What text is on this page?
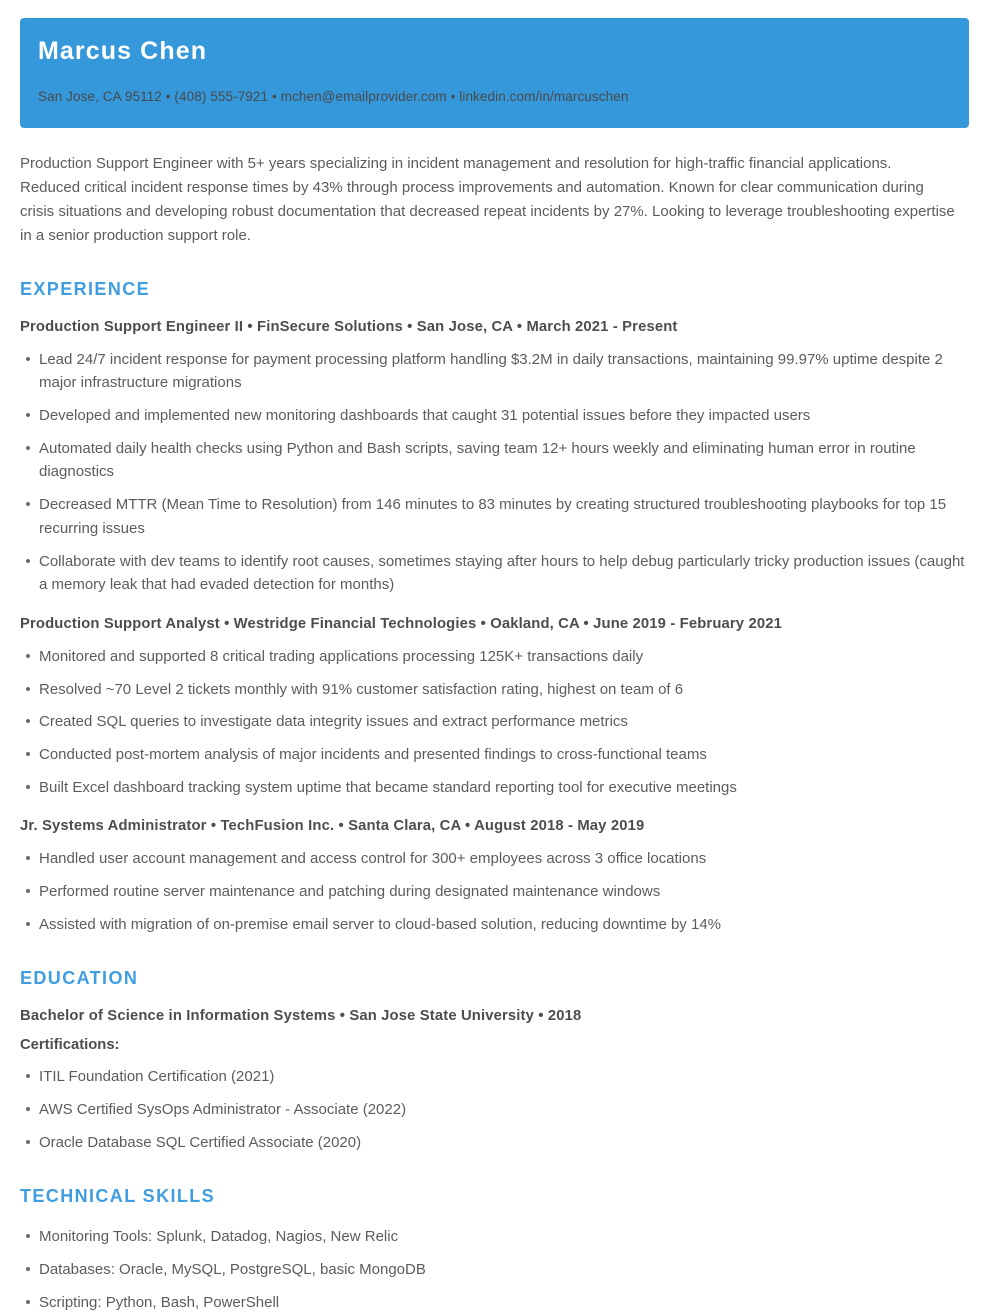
Marcus Chen
San Jose, CA 95112 • (408) 555-7921 • mchen@emailprovider.com • linkedin.com/in/marcuschen

Production Support Engineer with 5+ years specializing in incident management and resolution for high-traffic financial applications. Reduced critical incident response times by 43% through process improvements and automation. Known for clear communication during crisis situations and developing robust documentation that decreased repeat incidents by 27%. Looking to leverage troubleshooting expertise in a senior production support role.

EXPERIENCE
Production Support Engineer II • FinSecure Solutions • San Jose, CA • March 2021 - Present
Lead 24/7 incident response for payment processing platform handling $3.2M in daily transactions, maintaining 99.97% uptime despite 2 major infrastructure migrations
Developed and implemented new monitoring dashboards that caught 31 potential issues before they impacted users
Automated daily health checks using Python and Bash scripts, saving team 12+ hours weekly and eliminating human error in routine diagnostics
Decreased MTTR (Mean Time to Resolution) from 146 minutes to 83 minutes by creating structured troubleshooting playbooks for top 15 recurring issues
Collaborate with dev teams to identify root causes, sometimes staying after hours to help debug particularly tricky production issues (caught a memory leak that had evaded detection for months)
Production Support Analyst • Westridge Financial Technologies • Oakland, CA • June 2019 - February 2021
Monitored and supported 8 critical trading applications processing 125K+ transactions daily
Resolved ~70 Level 2 tickets monthly with 91% customer satisfaction rating, highest on team of 6
Created SQL queries to investigate data integrity issues and extract performance metrics
Conducted post-mortem analysis of major incidents and presented findings to cross-functional teams
Built Excel dashboard tracking system uptime that became standard reporting tool for executive meetings
Jr. Systems Administrator • TechFusion Inc. • Santa Clara, CA • August 2018 - May 2019
Handled user account management and access control for 300+ employees across 3 office locations
Performed routine server maintenance and patching during designated maintenance windows
Assisted with migration of on-premise email server to cloud-based solution, reducing downtime by 14%
EDUCATION
Bachelor of Science in Information Systems • San Jose State University • 2018
Certifications:
ITIL Foundation Certification (2021)
AWS Certified SysOps Administrator - Associate (2022)
Oracle Database SQL Certified Associate (2020)
TECHNICAL SKILLS
Monitoring Tools: Splunk, Datadog, Nagios, New Relic
Databases: Oracle, MySQL, PostgreSQL, basic MongoDB
Scripting: Python, Bash, PowerShell
